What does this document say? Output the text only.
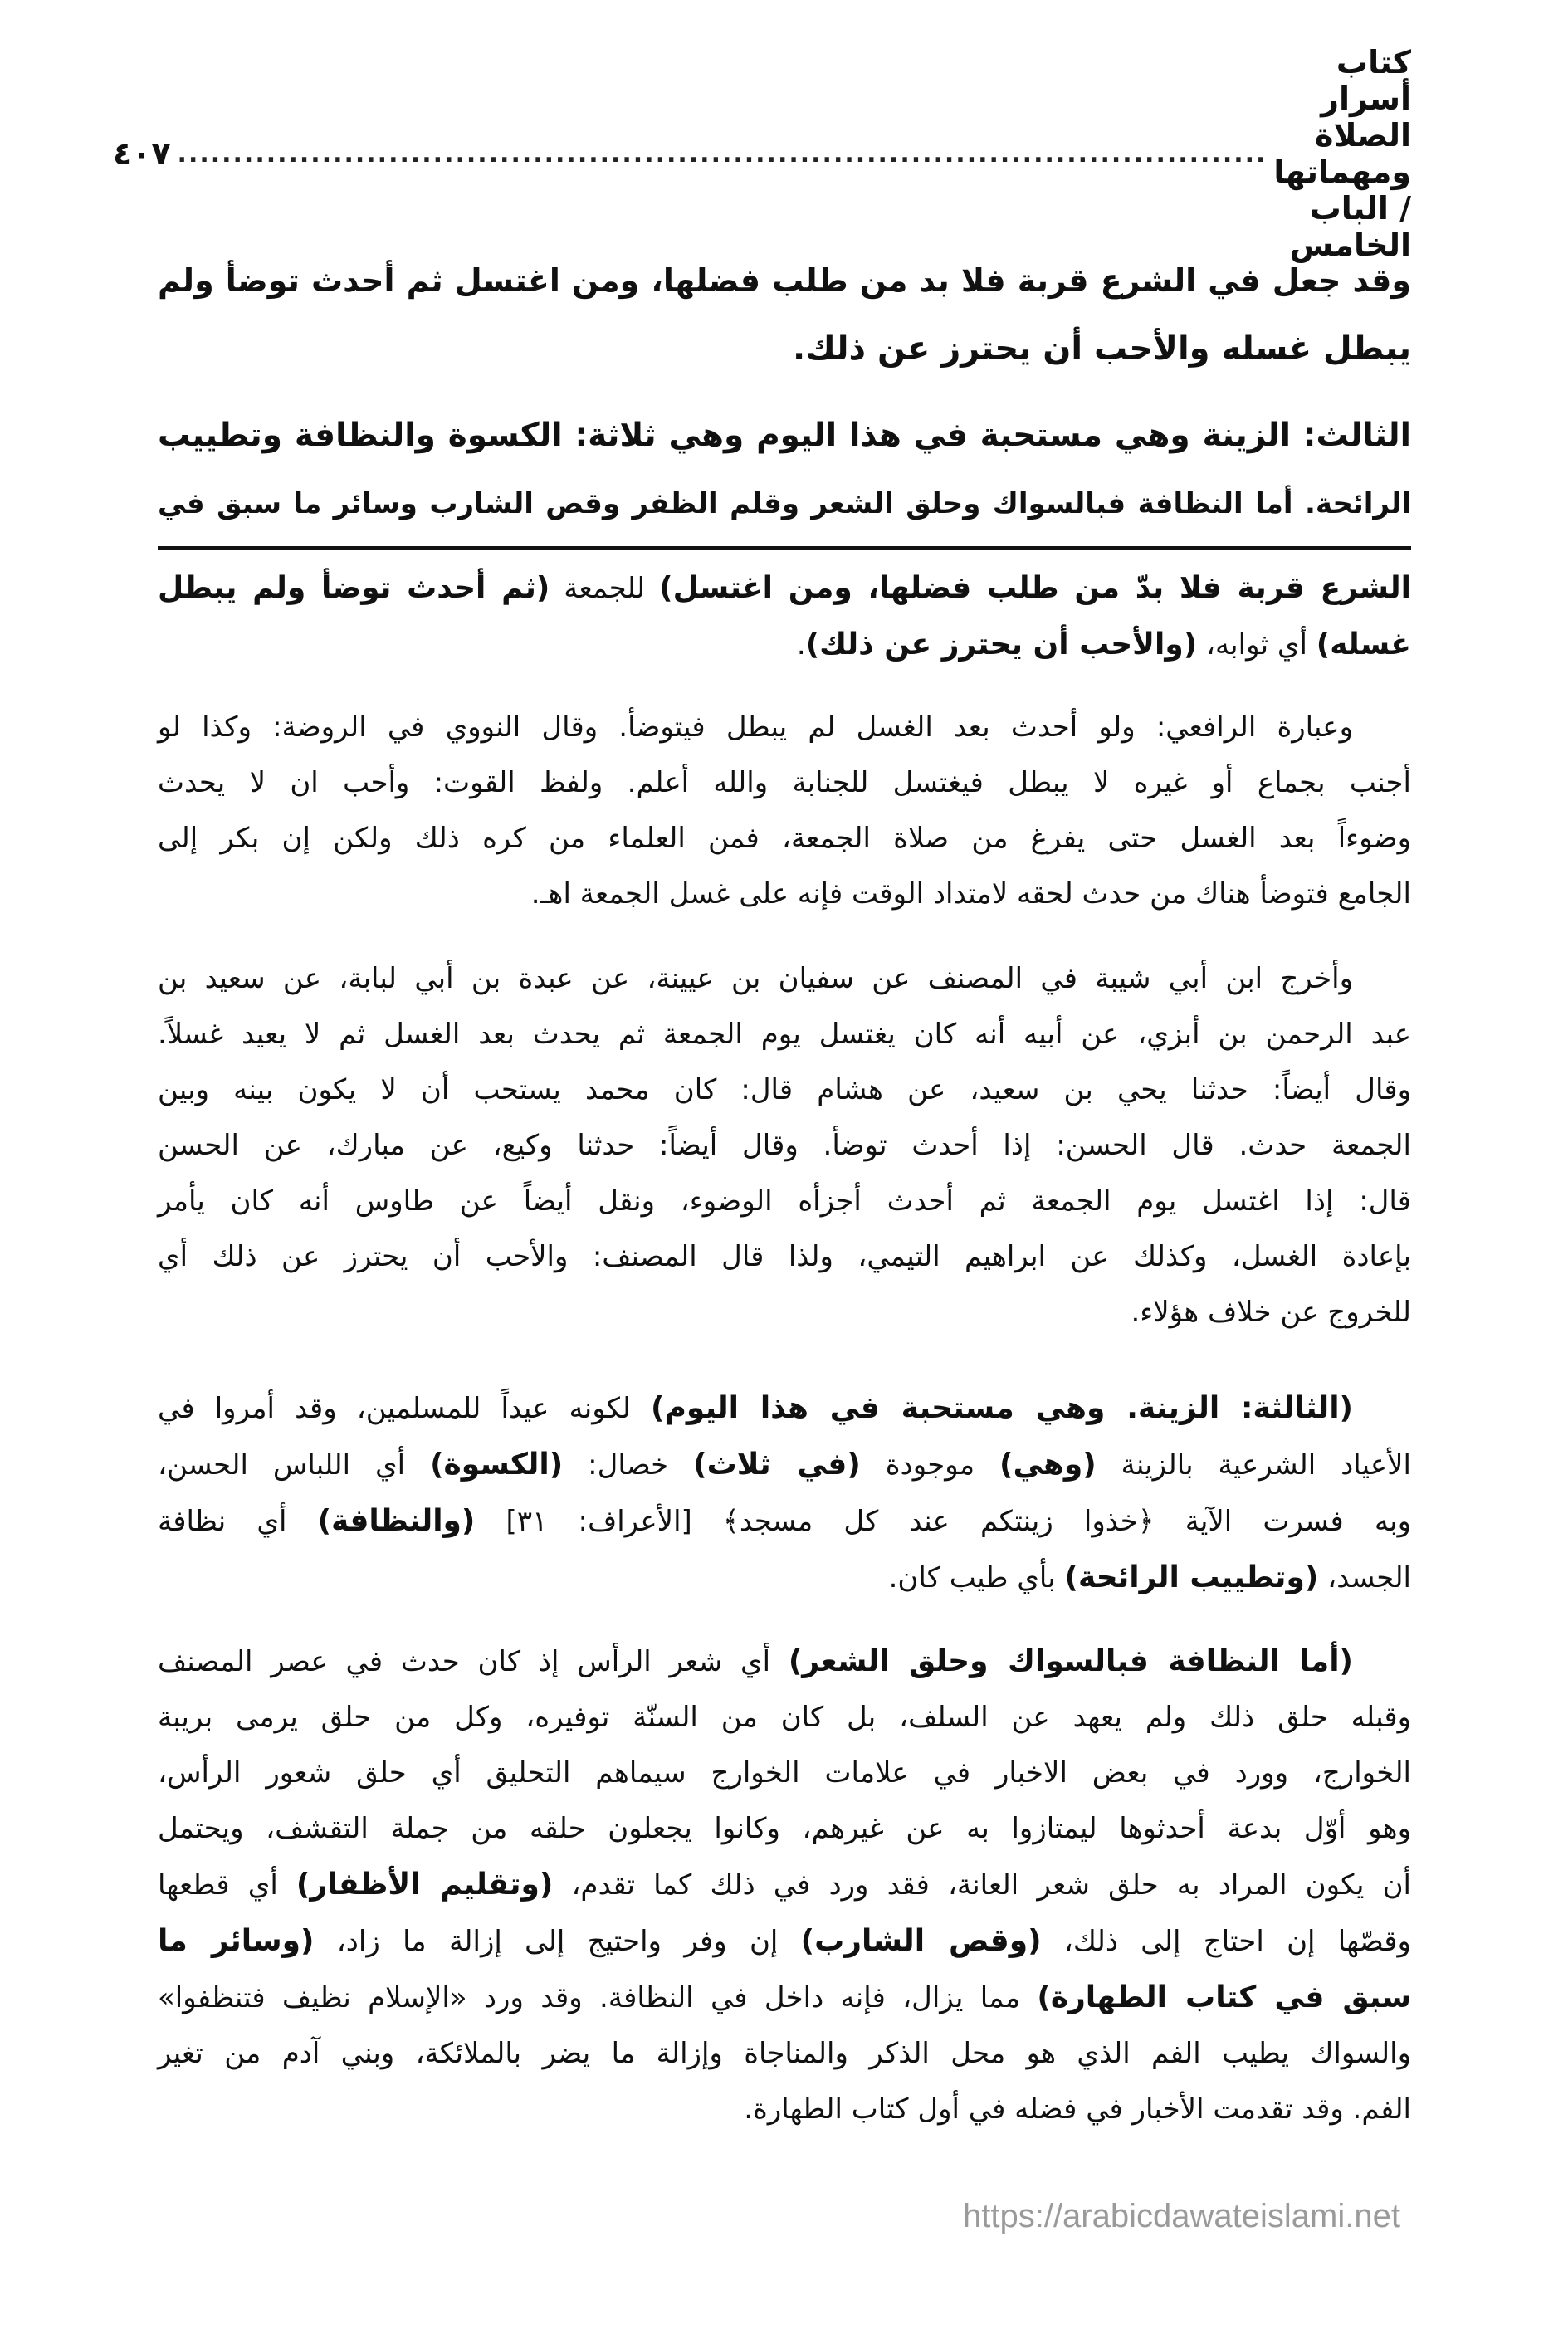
كتاب أسرار الصلاة ومهماتها / الباب الخامس
..................................................................................................
٤٠٧
وقد جعل في الشرع قربة فلا بد من طلب فضلها، ومن اغتسل ثم أحدث توضأ ولم
يبطل غسله والأحب أن يحترز عن ذلك.
الثالث: الزينة وهي مستحبة في هذا اليوم وهي ثلاثة: الكسوة والنظافة وتطييب
الرائحة. أما النظافة فبالسواك وحلق الشعر وقلم الظفر وقص الشارب وسائر ما سبق في
الشرع قربة فلا بدّ من طلب فضلها، ومن اغتسل) للجمعة (ثم أحدث توضأ ولم يبطل
غسله) أي ثوابه، (والأحب أن يحترز عن ذلك).
وعبارة الرافعي: ولو أحدث بعد الغسل لم يبطل فيتوضأ. وقال النووي في الروضة: وكذا لو
أجنب بجماع أو غيره لا يبطل فيغتسل للجنابة والله أعلم. ولفظ القوت: وأحب ان لا يحدث
وضوءاً بعد الغسل حتى يفرغ من صلاة الجمعة، فمن العلماء من كره ذلك ولكن إن بكر إلى
الجامع فتوضأ هناك من حدث لحقه لامتداد الوقت فإنه على غسل الجمعة اهـ.
وأخرج ابن أبي شيبة في المصنف عن سفيان بن عيينة، عن عبدة بن أبي لبابة، عن سعيد بن
عبد الرحمن بن أبزي، عن أبيه أنه كان يغتسل يوم الجمعة ثم يحدث بعد الغسل ثم لا يعيد غسلاً.
وقال أيضاً: حدثنا يحي بن سعيد، عن هشام قال: كان محمد يستحب أن لا يكون بينه وبين
الجمعة حدث. قال الحسن: إذا أحدث توضأ. وقال أيضاً: حدثنا وكيع، عن مبارك، عن الحسن
قال: إذا اغتسل يوم الجمعة ثم أحدث أجزأه الوضوء، ونقل أيضاً عن طاوس أنه كان يأمر
بإعادة الغسل، وكذلك عن ابراهيم التيمي، ولذا قال المصنف: والأحب أن يحترز عن ذلك أي
للخروج عن خلاف هؤلاء.
(الثالثة: الزينة. وهي مستحبة في هذا اليوم) لكونه عيداً للمسلمين، وقد أمروا في
الأعياد الشرعية بالزينة (وهي) موجودة (في ثلاث) خصال: (الكسوة) أي اللباس الحسن،
وبه فسرت الآية ﴿خذوا زينتكم عند كل مسجد﴾ [الأعراف: ٣١] (والنظافة) أي نظافة
الجسد، (وتطييب الرائحة) بأي طيب كان.
(أما النظافة فبالسواك وحلق الشعر) أي شعر الرأس إذ كان حدث في عصر المصنف
وقبله حلق ذلك ولم يعهد عن السلف، بل كان من السنّة توفيره، وكل من حلق يرمى بريبة
الخوارج، وورد في بعض الاخبار في علامات الخوارج سيماهم التحليق أي حلق شعور الرأس،
وهو أوّل بدعة أحدثوها ليمتازوا به عن غيرهم، وكانوا يجعلون حلقه من جملة التقشف، ويحتمل
أن يكون المراد به حلق شعر العانة، فقد ورد في ذلك كما تقدم، (وتقليم الأظفار) أي قطعها
وقصّها إن احتاج إلى ذلك، (وقص الشارب) إن وفر واحتيج إلى إزالة ما زاد، (وسائر ما
سبق في كتاب الطهارة) مما يزال، فإنه داخل في النظافة. وقد ورد «الإسلام نظيف فتنظفوا»
والسواك يطيب الفم الذي هو محل الذكر والمناجاة وإزالة ما يضر بالملائكة، وبني آدم من تغير
الفم. وقد تقدمت الأخبار في فضله في أول كتاب الطهارة.
https://arabicdawateislami.net
